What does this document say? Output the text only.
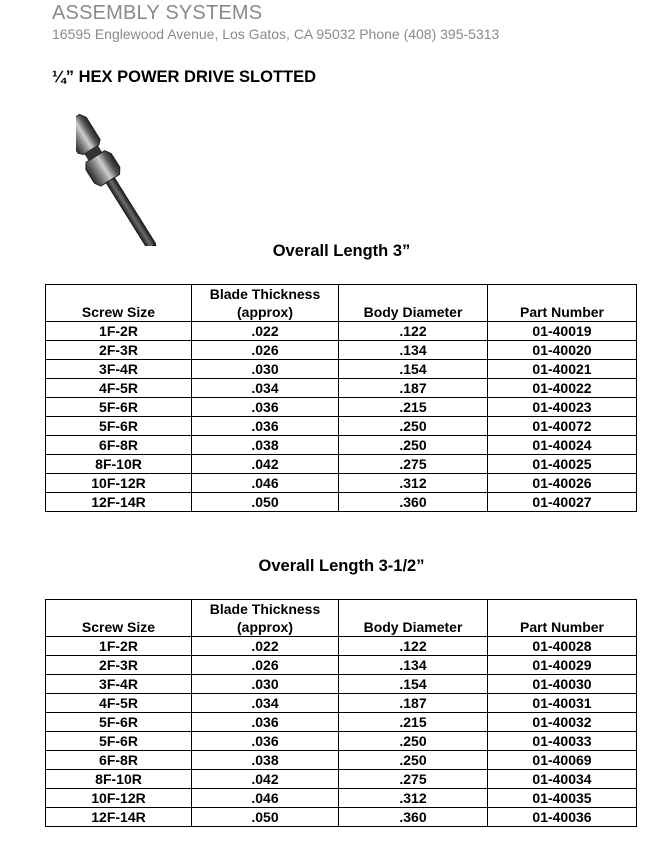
ASSEMBLY SYSTEMS
16595 Englewood Avenue, Los Gatos, CA 95032 Phone (408) 395-5313
¼” HEX POWER DRIVE SLOTTED
Overall Length 3”
Screw Size	Blade Thickness (approx)	Body Diameter	Part Number
1F-2R	.022	.122	01-40019
2F-3R	.026	.134	01-40020
3F-4R	.030	.154	01-40021
4F-5R	.034	.187	01-40022
5F-6R	.036	.215	01-40023
5F-6R	.036	.250	01-40072
6F-8R	.038	.250	01-40024
8F-10R	.042	.275	01-40025
10F-12R	.046	.312	01-40026
12F-14R	.050	.360	01-40027
Overall Length 3-1/2”
Screw Size	Blade Thickness (approx)	Body Diameter	Part Number
1F-2R	.022	.122	01-40028
2F-3R	.026	.134	01-40029
3F-4R	.030	.154	01-40030
4F-5R	.034	.187	01-40031
5F-6R	.036	.215	01-40032
5F-6R	.036	.250	01-40033
6F-8R	.038	.250	01-40069
8F-10R	.042	.275	01-40034
10F-12R	.046	.312	01-40035
12F-14R	.050	.360	01-40036
